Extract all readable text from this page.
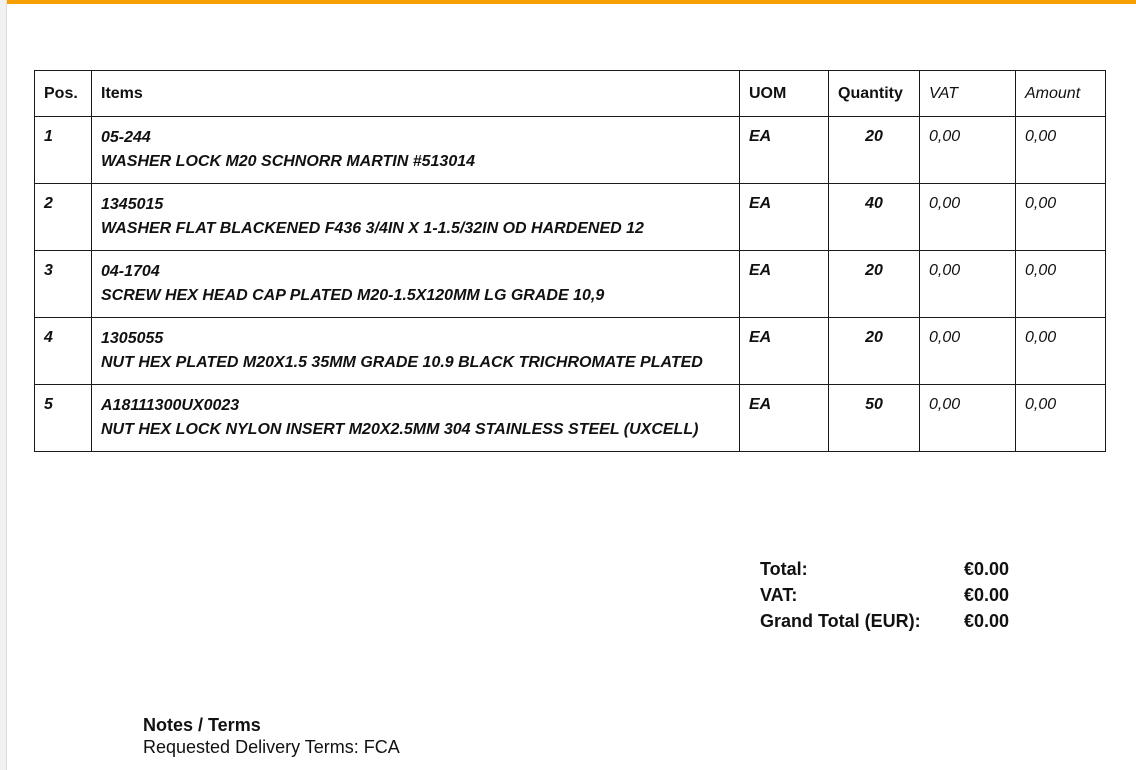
Pos.	Items	UOM	Quantity	VAT	Amount
1	05-244
WASHER LOCK M20 SCHNORR MARTIN #513014	EA	20	0,00	0,00
2	1345015
WASHER FLAT BLACKENED F436 3/4IN X 1-1.5/32IN OD HARDENED 12	EA	40	0,00	0,00
3	04-1704
SCREW HEX HEAD CAP PLATED M20-1.5X120MM LG GRADE 10,9	EA	20	0,00	0,00
4	1305055
NUT HEX PLATED M20X1.5 35MM GRADE 10.9 BLACK TRICHROMATE PLATED	EA	20	0,00	0,00
5	A18111300UX0023
NUT HEX LOCK NYLON INSERT M20X2.5MM 304 STAINLESS STEEL (UXCELL)	EA	50	0,00	0,00
Total:	€0.00
VAT:	€0.00
Grand Total (EUR):	€0.00
Notes / Terms
Requested Delivery Terms: FCA
